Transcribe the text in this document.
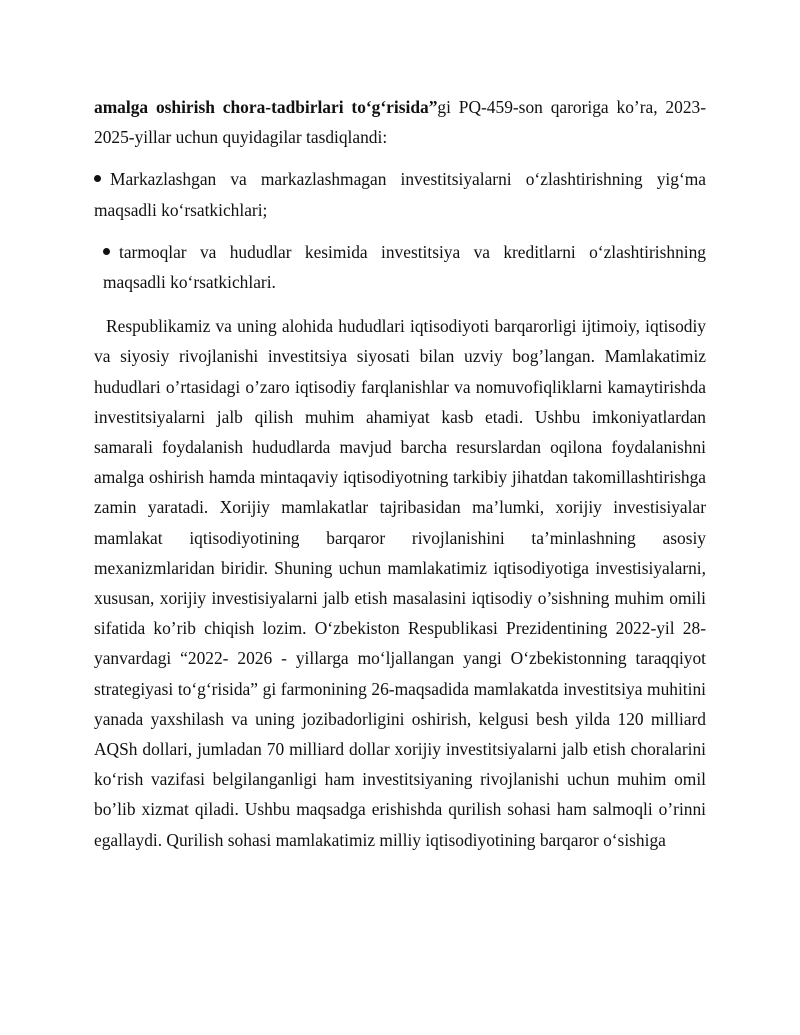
amalga oshirish chora-tadbirlari to‘g‘risida”gi PQ-459-son qaroriga ko’ra, 2023-2025-yillar uchun quyidagilar tasdiqlandi:

Markazlashgan va markazlashmagan investitsiyalarni o‘zlashtirishning yig‘ma maqsadli ko‘rsatkichlari;
tarmoqlar va hududlar kesimida investitsiya va kreditlarni o‘zlashtirishning maqsadli ko‘rsatkichlari.

Respublikamiz va uning alohida hududlari iqtisodiyoti barqarorligi ijtimoiy, iqtisodiy va siyosiy rivojlanishi investitsiya siyosati bilan uzviy bog’langan. Mamlakatimiz hududlari o’rtasidagi o’zaro iqtisodiy farqlanishlar va nomuvofiqliklarni kamaytirishda investitsiyalarni jalb qilish muhim ahamiyat kasb etadi. Ushbu imkoniyatlardan samarali foydalanish hududlarda mavjud barcha resurslardan oqilona foydalanishni amalga oshirish hamda mintaqaviy iqtisodiyotning tarkibiy jihatdan takomillashtirishga zamin yaratadi. Xorijiy mamlakatlar tajribasidan ma’lumki, xorijiy investisiyalar mamlakat iqtisodiyotining barqaror rivojlanishini ta’minlashning asosiy mexanizmlaridan biridir. Shuning uchun mamlakatimiz iqtisodiyotiga investisiyalarni, xususan, xorijiy investisiyalarni jalb etish masalasini iqtisodiy o’sishning muhim omili sifatida ko’rib chiqish lozim. O‘zbekiston Respublikasi Prezidentining 2022-yil 28-yanvardagi “2022- 2026 - yillarga mo‘ljallangan yangi O‘zbekistonning taraqqiyot strategiyasi to‘g‘risida” gi farmonining 26-maqsadida mamlakatda investitsiya muhitini yanada yaxshilash va uning jozibadorligini oshirish, kelgusi besh yilda 120 milliard AQSh dollari, jumladan 70 milliard dollar xorijiy investitsiyalarni jalb etish choralarini ko‘rish vazifasi belgilanganligi ham investitsiyaning rivojlanishi uchun muhim omil bo’lib xizmat qiladi. Ushbu maqsadga erishishda qurilish sohasi ham salmoqli o’rinni egallaydi. Qurilish sohasi mamlakatimiz milliy iqtisodiyotining barqaror o‘sishiga
